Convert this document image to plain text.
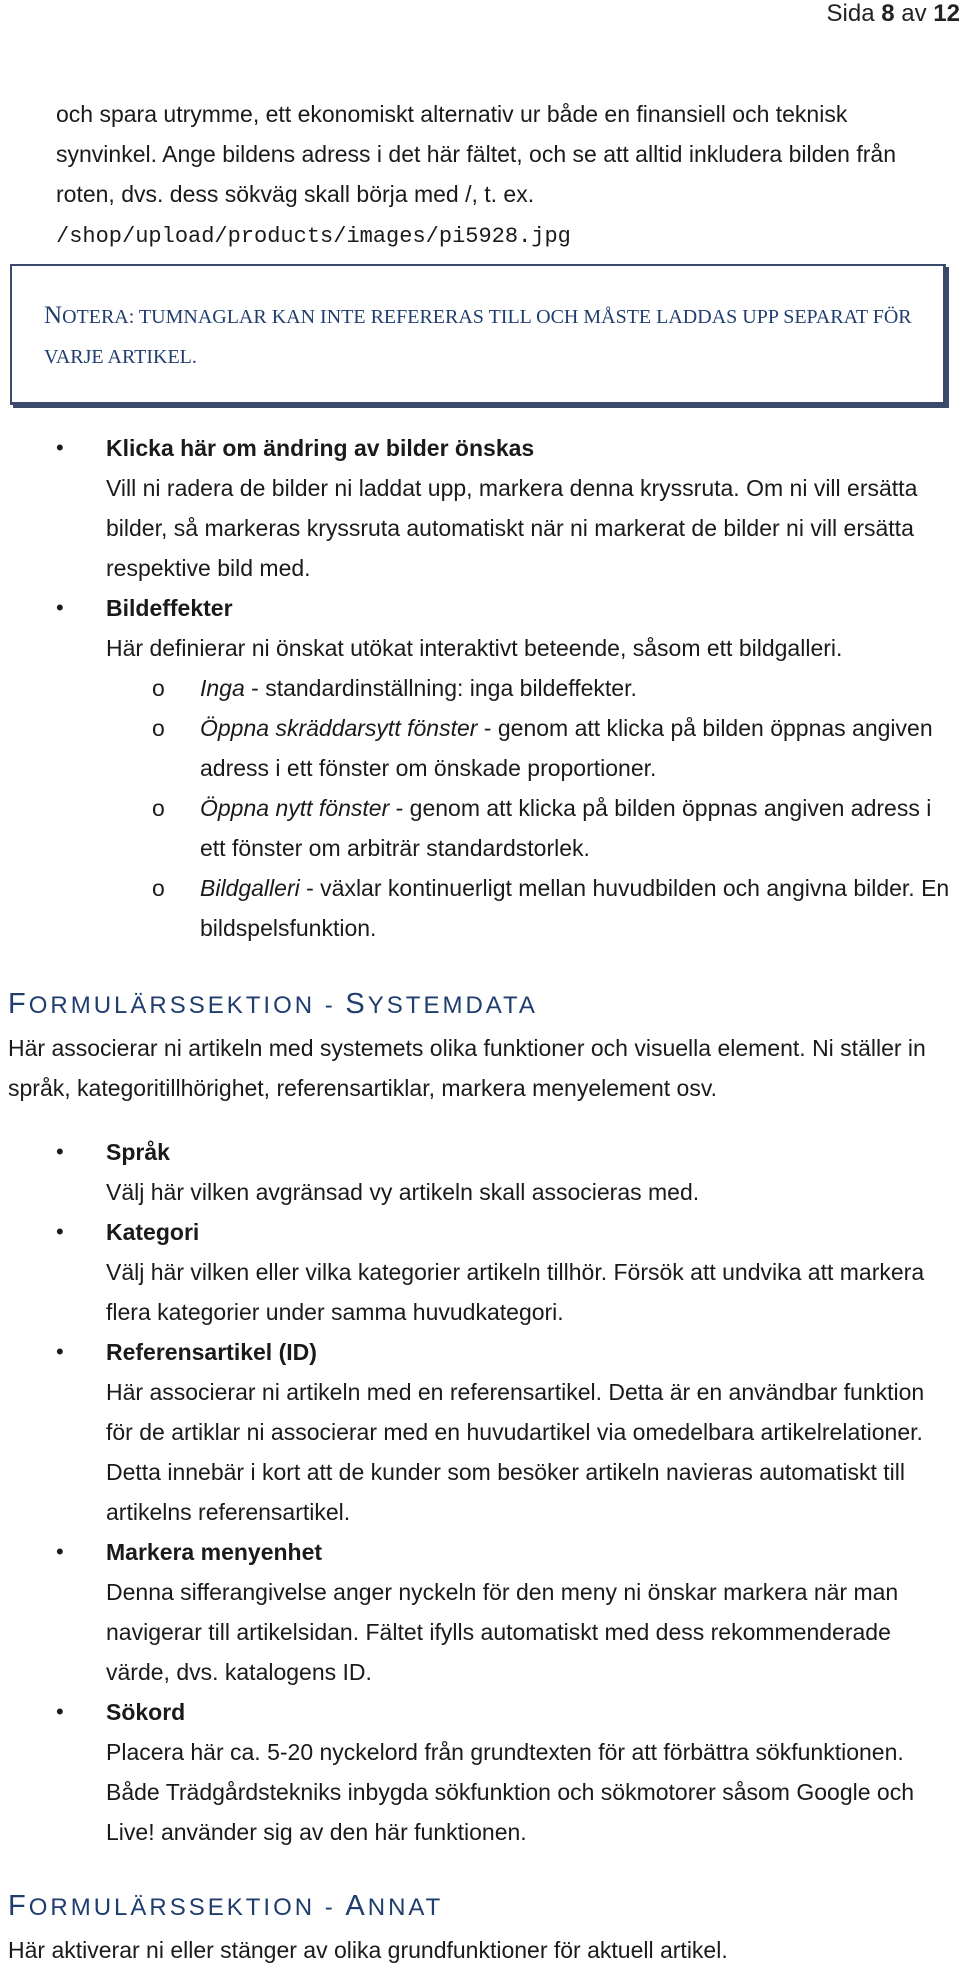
Sida 8 av 12
och spara utrymme, ett ekonomiskt alternativ ur både en finansiell och teknisk synvinkel. Ange bildens adress i det här fältet, och se att alltid inkludera bilden från roten, dvs. dess sökväg skall börja med /, t. ex.
/shop/upload/products/images/pi5928.jpg
NOTERA: TUMNAGLAR KAN INTE REFERERAS TILL OCH MÅSTE LADDAS UPP SEPARAT FÖR VARJE ARTIKEL.
• Klicka här om ändring av bilder önskas
Vill ni radera de bilder ni laddat upp, markera denna kryssruta. Om ni vill ersätta bilder, så markeras kryssruta automatiskt när ni markerat de bilder ni vill ersätta respektive bild med.
• Bildeffekter
Här definierar ni önskat utökat interaktivt beteende, såsom ett bildgalleri.
o Inga - standardinställning: inga bildeffekter.
o Öppna skräddarsytt fönster - genom att klicka på bilden öppnas angiven adress i ett fönster om önskade proportioner.
o Öppna nytt fönster - genom att klicka på bilden öppnas angiven adress i ett fönster om arbiträr standardstorlek.
o Bildgalleri - växlar kontinuerligt mellan huvudbilden och angivna bilder. En bildspelsfunktion.
FORMULÄRSSEKTION - SYSTEMDATA
Här associerar ni artikeln med systemets olika funktioner och visuella element. Ni ställer in språk, kategoritillhörighet, referensartiklar, markera menyelement osv.
• Språk
Välj här vilken avgränsad vy artikeln skall associeras med.
• Kategori
Välj här vilken eller vilka kategorier artikeln tillhör. Försök att undvika att markera flera kategorier under samma huvudkategori.
• Referensartikel (ID)
Här associerar ni artikeln med en referensartikel. Detta är en användbar funktion för de artiklar ni associerar med en huvudartikel via omedelbara artikelrelationer. Detta innebär i kort att de kunder som besöker artikeln navieras automatiskt till artikelns referensartikel.
• Markera menyenhet
Denna sifferangivelse anger nyckeln för den meny ni önskar markera när man navigerar till artikelsidan. Fältet ifylls automatiskt med dess rekommenderade värde, dvs. katalogens ID.
• Sökord
Placera här ca. 5-20 nyckelord från grundtexten för att förbättra sökfunktionen. Både Trädgårdstekniks inbygda sökfunktion och sökmotorer såsom Google och Live! använder sig av den här funktionen.
FORMULÄRSSEKTION - ANNAT
Här aktiverar ni eller stänger av olika grundfunktioner för aktuell artikel.
